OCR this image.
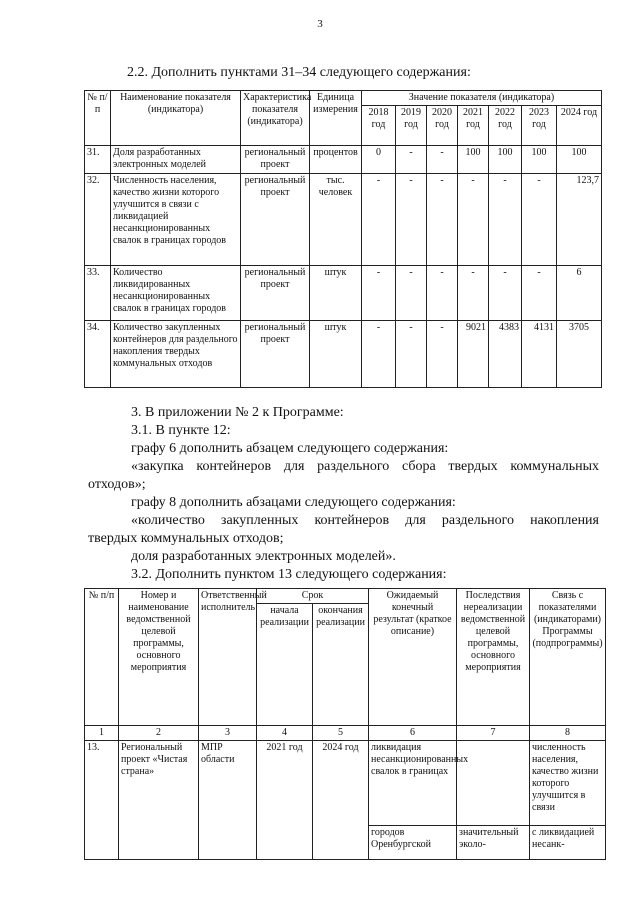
3
2.2. Дополнить пунктами 31–34 следующего содержания:
№ п/п	Наименование показателя (индикатора)	Характеристика показателя (индикатора)	Единица измерения	Значение показателя (индикатора)						
				2018 год	2019 год	2020 год	2021 год	2022 год	2023 год	2024 год
31.	Доля разработанных электронных моделей	региональный проект	процентов	0	-	-	100	100	100	100
32.	Численность населения, качество жизни которого улучшится в связи с ликвидацией несанкционированных свалок в границах городов	региональный проект	тыс. человек	-	-	-	-	-	-	123,7
33.	Количество ликвидированных несанкционированных свалок в границах городов	региональный проект	штук	-	-	-	-	-	-	6
34.	Количество закупленных контейнеров для раздельного накопления твердых коммунальных отходов	региональный проект	штук	-	-	-	9021	4383	4131	3705
3. В приложении № 2 к Программе:
3.1. В пункте 12:
графу 6 дополнить абзацем следующего содержания:
«закупка контейнеров для раздельного сбора твердых коммунальных
отходов»;
графу 8 дополнить абзацами следующего содержания:
«количество закупленных контейнеров для раздельного накопления
твердых коммунальных отходов;
доля разработанных электронных моделей».
3.2. Дополнить пунктом 13 следующего содержания:
№ п/п	Номер и наименование ведомственной целевой программы, основного мероприятия	Ответственный исполнитель	Срок		Ожидаемый конечный результат (краткое описание)	Последствия нереализации ведомственной целевой программы, основного мероприятия	Связь с показателями (индикаторами) Программы (подпрограммы)
			начала реализации	окончания реализации			
1	2	3	4	5	6	7	8
13.	Региональный проект «Чистая страна»	МПР области	2021 год	2024 год	ликвидация несанкционированных свалок в границах		численность населения, качество жизни которого улучшится в связи
					городов Оренбургской	значительный эколо-	с ликвидацией несанк-
